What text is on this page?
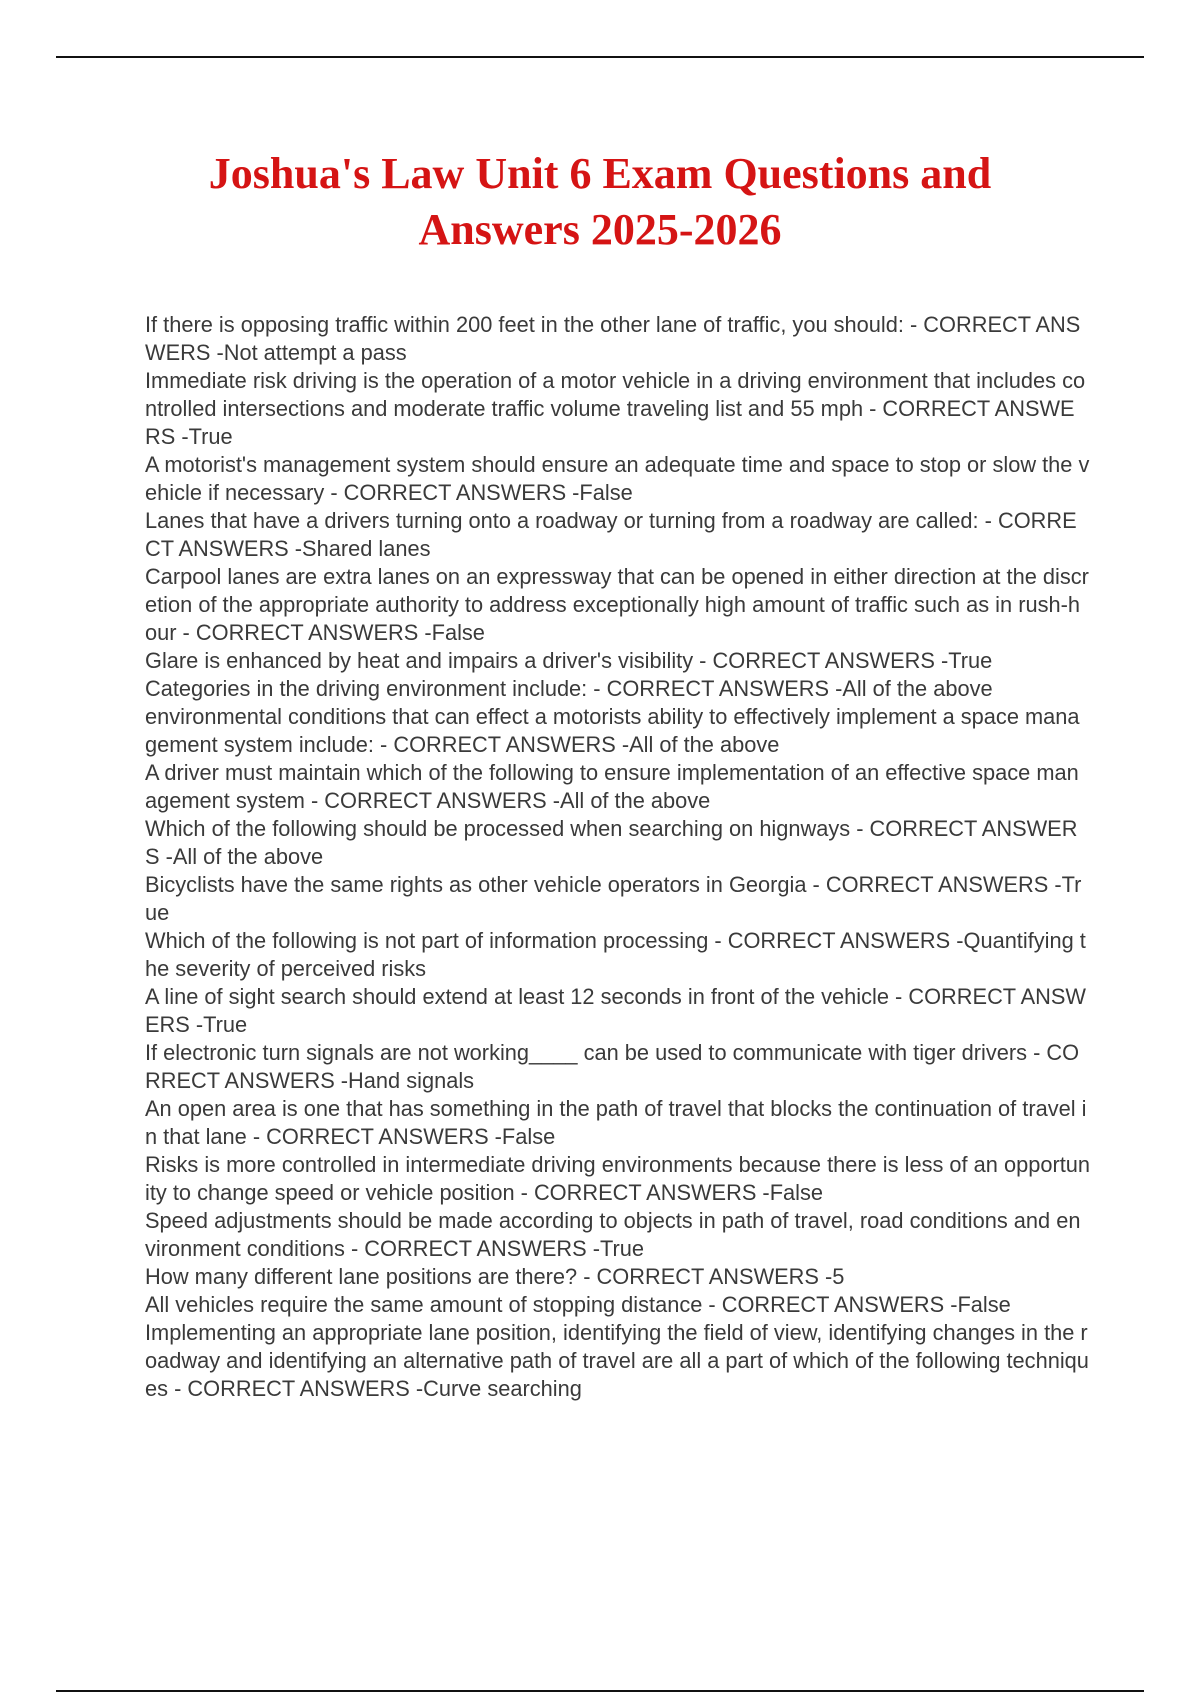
Joshua's Law Unit 6 Exam Questions and
Answers 2025-2026
If there is opposing traffic within 200 feet in the other lane of traffic, you should: - CORRECT ANSWERS -Not attempt a pass
Immediate risk driving is the operation of a motor vehicle in a driving environment that includes controlled intersections and moderate traffic volume traveling list and 55 mph - CORRECT ANSWERS -True
A motorist's management system should ensure an adequate time and space to stop or slow the vehicle if necessary - CORRECT ANSWERS -False
Lanes that have a drivers turning onto a roadway or turning from a roadway are called: - CORRECT ANSWERS -Shared lanes
Carpool lanes are extra lanes on an expressway that can be opened in either direction at the discretion of the appropriate authority to address exceptionally high amount of traffic such as in rush-hour - CORRECT ANSWERS -False
Glare is enhanced by heat and impairs a driver's visibility - CORRECT ANSWERS -True
Categories in the driving environment include: - CORRECT ANSWERS -All of the above
environmental conditions that can effect a motorists ability to effectively implement a space management system include: - CORRECT ANSWERS -All of the above
A driver must maintain which of the following to ensure implementation of an effective space management system - CORRECT ANSWERS -All of the above
Which of the following should be processed when searching on hignways - CORRECT ANSWERS -All of the above
Bicyclists have the same rights as other vehicle operators in Georgia - CORRECT ANSWERS -True
Which of the following is not part of information processing - CORRECT ANSWERS -Quantifying the severity of perceived risks
A line of sight search should extend at least 12 seconds in front of the vehicle - CORRECT ANSWERS -True
If electronic turn signals are not working____ can be used to communicate with tiger drivers - CORRECT ANSWERS -Hand signals
An open area is one that has something in the path of travel that blocks the continuation of travel in that lane - CORRECT ANSWERS -False
Risks is more controlled in intermediate driving environments because there is less of an opportunity to change speed or vehicle position - CORRECT ANSWERS -False
Speed adjustments should be made according to objects in path of travel, road conditions and environment conditions - CORRECT ANSWERS -True
How many different lane positions are there? - CORRECT ANSWERS -5
All vehicles require the same amount of stopping distance - CORRECT ANSWERS -False
Implementing an appropriate lane position, identifying the field of view, identifying changes in the roadway and identifying an alternative path of travel are all a part of which of the following techniques - CORRECT ANSWERS -Curve searching
